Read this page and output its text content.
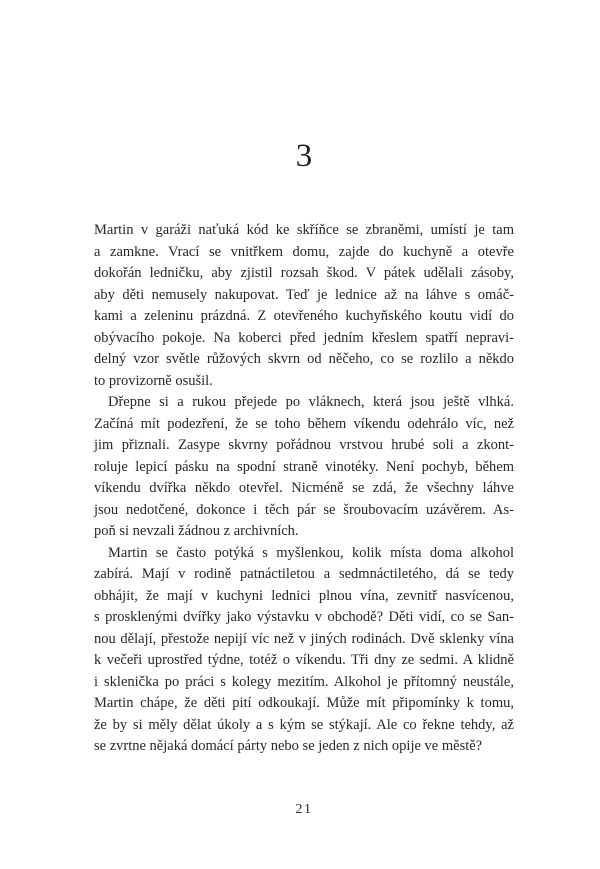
3
Martin v garáži naťuká kód ke skříňce se zbraněmi, umístí je tam
a zamkne. Vrací se vnitřkem domu, zajde do kuchyně a otevře
dokořán ledničku, aby zjistil rozsah škod. V pátek udělali zásoby,
aby děti nemusely nakupovat. Teď je lednice až na láhve s omáč-
kami a zeleninu prázdná. Z otevřeného kuchyňského koutu vidí do
obývacího pokoje. Na koberci před jedním křeslem spatří nepravi-
delný vzor světle růžových skvrn od něčeho, co se rozlilo a někdo
to provizorně osušil.
Dřepne si a rukou přejede po vláknech, která jsou ještě vlhká.
Začíná mít podezření, že se toho během víkendu odehrálo víc, než
jim přiznali. Zasype skvrny pořádnou vrstvou hrubé soli a zkont-
roluje lepicí pásku na spodní straně vinotéky. Není pochyb, během
víkendu dvířka někdo otevřel. Nicméně se zdá, že všechny láhve
jsou nedotčené, dokonce i těch pár se šroubovacím uzávěrem. As-
poň si nevzali žádnou z archivních.
Martin se často potýká s myšlenkou, kolik místa doma alkohol
zabírá. Mají v rodině patnáctiletou a sedmnáctiletého, dá se tedy
obhájit, že mají v kuchyni lednici plnou vína, zevnitř nasvícenou,
s prosklenými dvířky jako výstavku v obchodě? Děti vidí, co se San-
nou dělají, přestože nepijí víc než v jiných rodinách. Dvě sklenky vína
k večeři uprostřed týdne, totéž o víkendu. Tři dny ze sedmi. A klidně
i sklenička po práci s kolegy mezitím. Alkohol je přítomný neustále,
Martin chápe, že děti pití odkoukají. Může mít připomínky k tomu,
že by si měly dělat úkoly a s kým se stýkají. Ale co řekne tehdy, až
se zvrtne nějaká domácí párty nebo se jeden z nich opije ve městě?
21
